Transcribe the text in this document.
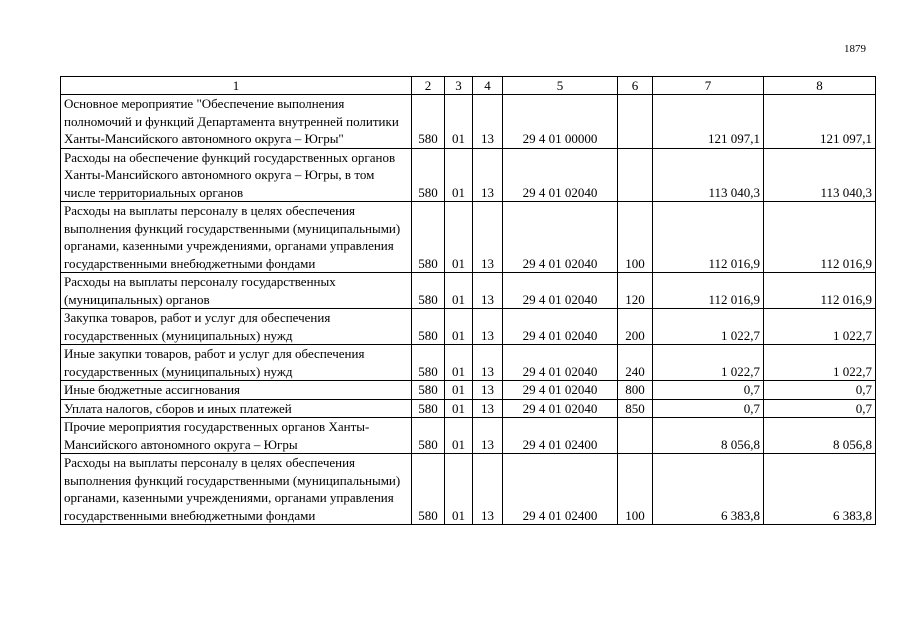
1879
1	2	3	4	5	6	7	8
Основное мероприятие "Обеспечение выполнения полномочий и функций Департамента внутренней политики Ханты-Мансийского автономного округа – Югры"	580	01	13	29 4 01 00000		121 097,1	121 097,1
Расходы на обеспечение функций государственных органов Ханты-Мансийского автономного округа – Югры, в том числе территориальных органов	580	01	13	29 4 01 02040		113 040,3	113 040,3
Расходы на выплаты персоналу в целях обеспечения выполнения функций государственными (муниципальными) органами, казенными учреждениями, органами управления государственными внебюджетными фондами	580	01	13	29 4 01 02040	100	112 016,9	112 016,9
Расходы на выплаты персоналу государственных (муниципальных) органов	580	01	13	29 4 01 02040	120	112 016,9	112 016,9
Закупка товаров, работ и услуг для обеспечения государственных (муниципальных) нужд	580	01	13	29 4 01 02040	200	1 022,7	1 022,7
Иные закупки товаров, работ и услуг для обеспечения государственных (муниципальных) нужд	580	01	13	29 4 01 02040	240	1 022,7	1 022,7
Иные бюджетные ассигнования	580	01	13	29 4 01 02040	800	0,7	0,7
Уплата налогов, сборов и иных платежей	580	01	13	29 4 01 02040	850	0,7	0,7
Прочие мероприятия государственных органов Ханты-Мансийского автономного округа – Югры	580	01	13	29 4 01 02400		8 056,8	8 056,8
Расходы на выплаты персоналу в целях обеспечения выполнения функций государственными (муниципальными) органами, казенными учреждениями, органами управления государственными внебюджетными фондами	580	01	13	29 4 01 02400	100	6 383,8	6 383,8
